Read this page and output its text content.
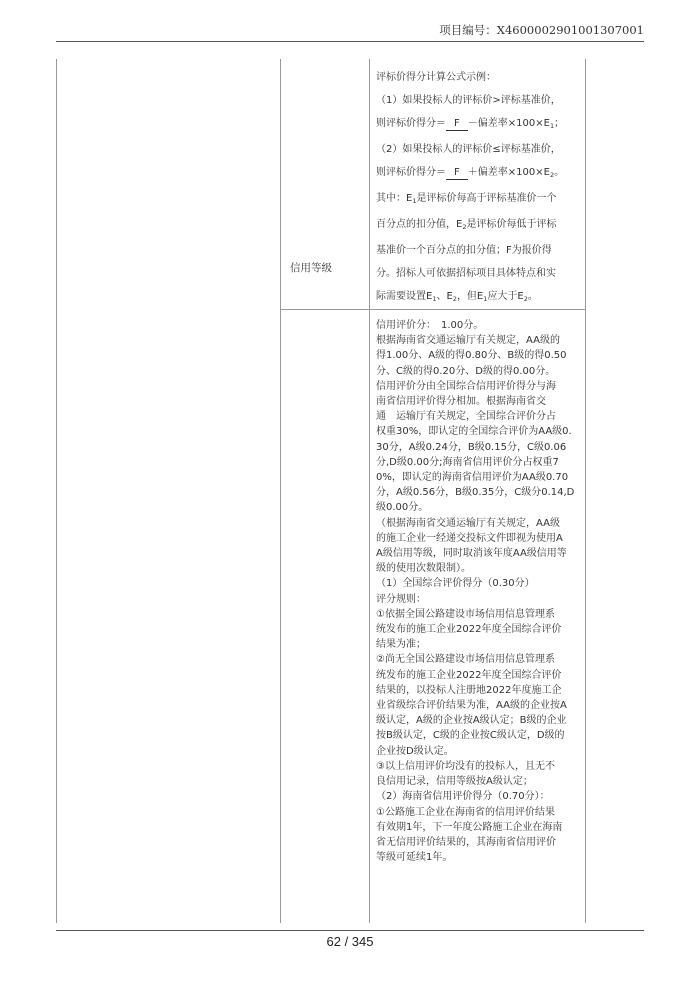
项目编号：X4600002901001307001
信用等级

评标价得分计算公式示例：

（1）如果投标人的评标价>评标基准价，

则评标价得分＝ F －偏差率$\times 100\times E_1$；

（2）如果投标人的评标价≤评标基准价，

则评标价得分＝ F ＋偏差率$\times 100\times E_2$。

其中：$E_1$是评标价每高于评标基准价一个

百分点的扣分值，$E_2$是评标价每低于评标

基准价一个百分点的扣分值；F为报价得

分。招标人可依据招标项目具体特点和实

际需要设置$E_1$、$E_2$，但$E_1$应大于$E_2$。

信用评价分：　1.00分。

根据海南省交通运输厅有关规定，AA级的

得1.00分、A级的得0.80分、B级的得0.50

分、C级的得0.20分、D级的得0.00分。

信用评价分由全国综合信用评价得分与海

南省信用评价得分相加。根据海南省交

通　运输厅有关规定，全国综合评价分占

权重30%，即认定的全国综合评价为AA级0.

30分，A级0.24分，B级0.15分，C级0.06

分,D级0.00分;海南省信用评价分占权重7

0%，即认定的海南省信用评价为AA级0.70

分，A级0.56分，B级0.35分，C级分0.14,D

级0.00分。

（根据海南省交通运输厅有关规定，AA级

的施工企业一经递交投标文件即视为使用A

A级信用等级，同时取消该年度AA级信用等

级的使用次数限制）。

（1）全国综合评价得分（0.30分）

评分规则：

①依据全国公路建设市场信用信息管理系

统发布的施工企业2022年度全国综合评价

结果为准；

②尚无全国公路建设市场信用信息管理系

统发布的施工企业2022年度全国综合评价

结果的，以投标人注册地2022年度施工企

业省级综合评价结果为准，AA级的企业按A

级认定，A级的企业按A级认定；B级的企业

按B级认定，C级的企业按C级认定，D级的

企业按D级认定。

③以上信用评价均没有的投标人，且无不

良信用记录，信用等级按A级认定；

（2）海南省信用评价得分（0.70分）：

①公路施工企业在海南省的信用评价结果

有效期1年，下一年度公路施工企业在海南

省无信用评价结果的，其海南省信用评价

等级可延续1年。

62 / 345
